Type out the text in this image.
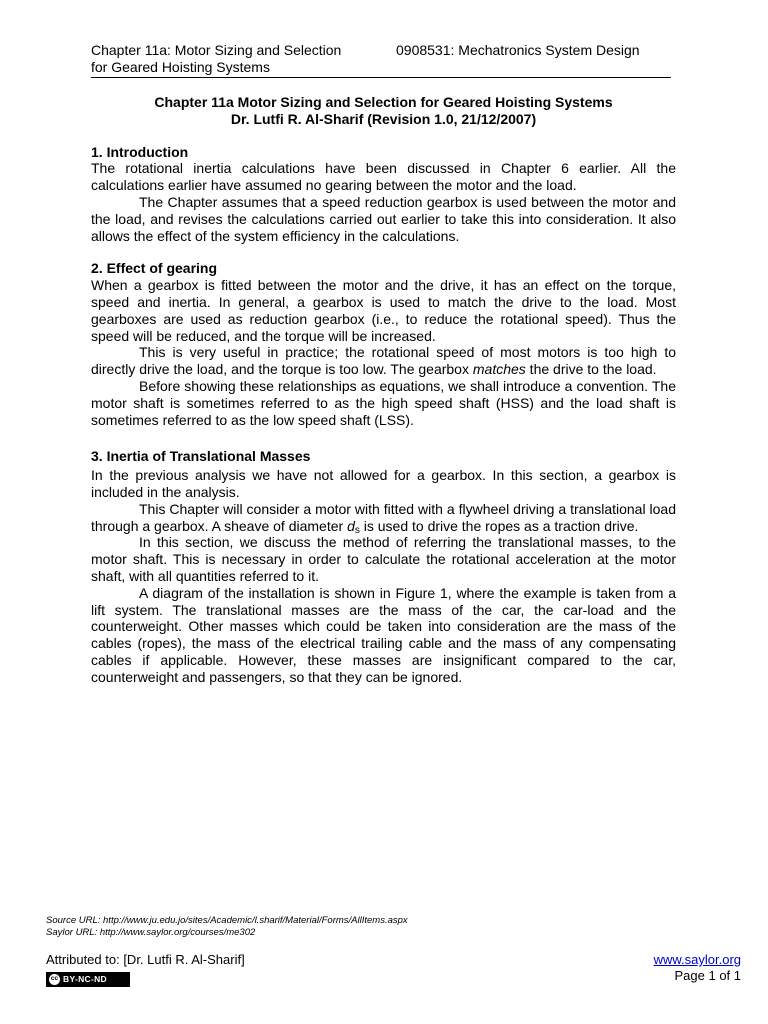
Chapter 11a: Motor Sizing and Selection	0908531: Mechatronics System Design
for Geared Hoisting Systems
Chapter 11a Motor Sizing and Selection for Geared Hoisting Systems
Dr. Lutfi R. Al-Sharif (Revision 1.0, 21/12/2007)
1. Introduction

The rotational inertia calculations have been discussed in Chapter 6 earlier. All the calculations earlier have assumed no gearing between the motor and the load.

The Chapter assumes that a speed reduction gearbox is used between the motor and the load, and revises the calculations carried out earlier to take this into consideration. It also allows the effect of the system efficiency in the calculations.

2. Effect of gearing

When a gearbox is fitted between the motor and the drive, it has an effect on the torque, speed and inertia. In general, a gearbox is used to match the drive to the load. Most gearboxes are used as reduction gearbox (i.e., to reduce the rotational speed). Thus the speed will be reduced, and the torque will be increased.

This is very useful in practice; the rotational speed of most motors is too high to directly drive the load, and the torque is too low. The gearbox matches the drive to the load.

Before showing these relationships as equations, we shall introduce a convention. The motor shaft is sometimes referred to as the high speed shaft (HSS) and the load shaft is sometimes referred to as the low speed shaft (LSS).

3. Inertia of Translational Masses

In the previous analysis we have not allowed for a gearbox. In this section, a gearbox is included in the analysis.

This Chapter will consider a motor with fitted with a flywheel driving a translational load through a gearbox. A sheave of diameter $d_s$ is used to drive the ropes as a traction drive.

In this section, we discuss the method of referring the translational masses, to the motor shaft. This is necessary in order to calculate the rotational acceleration at the motor shaft, with all quantities referred to it.

A diagram of the installation is shown in Figure 1, where the example is taken from a lift system. The translational masses are the mass of the car, the car-load and the counterweight. Other masses which could be taken into consideration are the mass of the cables (ropes), the mass of the electrical trailing cable and the mass of any compensating cables if applicable. However, these masses are insignificant compared to the car, counterweight and passengers, so that they can be ignored.

Source URL: http://www.ju.edu.jo/sites/Academic/l.sharif/Material/Forms/AllItems.aspx
Saylor URL: http://www.saylor.org/courses/me302
Attributed to: [Dr. Lutfi R. Al-Sharif]
cc BY-NC-ND
www.saylor.org
Page 1 of 1
